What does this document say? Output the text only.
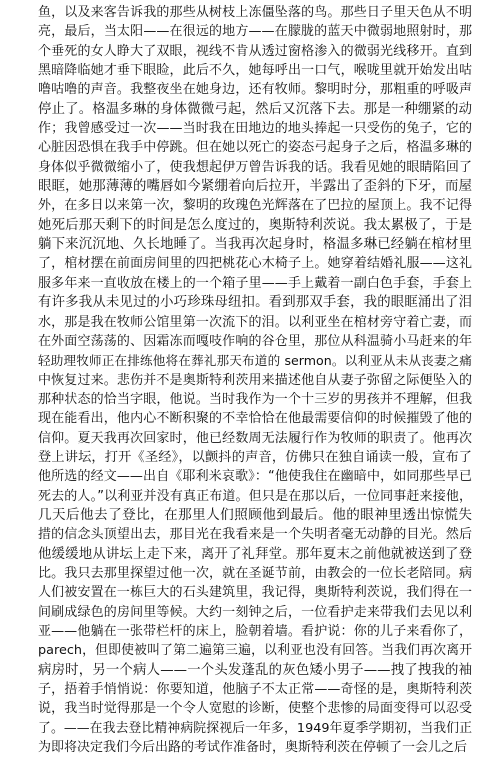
鱼，以及来客告诉我的那些从树枝上冻僵坠落的鸟。那些日子里天色从不明
亮，最后，当太阳——在很远的地方——在朦胧的蓝天中微弱地照射时，那
个垂死的女人睁大了双眼，视线不肯从透过窗格渗入的微弱光线移开。直到
黑暗降临她才垂下眼睑，此后不久，她每呼出一口气，喉咙里就开始发出咕
噜咕噜的声音。我整夜坐在她身边，还有牧师。黎明时分，那粗重的呼吸声
停止了。格温多琳的身体微微弓起，然后又沉落下去。那是一种绷紧的动
作；我曾感受过一次——当时我在田地边的地头捧起一只受伤的兔子，它的
心脏因恐惧在我手中停跳。但在她以死亡的姿态弓起身子之后，格温多琳的
身体似乎微微缩小了，使我想起伊万曾告诉我的话。我看见她的眼睛陷回了
眼眶，她那薄薄的嘴唇如今紧绷着向后拉开，半露出了歪斜的下牙，而屋
外，在多日以来第一次，黎明的玫瑰色光辉落在了巴拉的屋顶上。我不记得
她死后那天剩下的时间是怎么度过的，奥斯特利茨说。我太累极了，于是
躺下来沉沉地、久长地睡了。当我再次起身时，格温多琳已经躺在棺材里
了，棺材摆在前面房间里的四把桃花心木椅子上。她穿着结婚礼服——这礼
服多年来一直收放在楼上的一个箱子里——手上戴着一副白色手套，手套上
有许多我从未见过的小巧珍珠母纽扣。看到那双手套，我的眼眶涌出了泪
水，那是我在牧师公馆里第一次流下的泪。以利亚坐在棺材旁守着亡妻，而
在外面空荡荡的、因霜冻而嘎吱作响的谷仓里，那位从科温骑小马赶来的年
轻助理牧师正在排练他将在葬礼那天布道的 sermon。以利亚从未从丧妻之痛
中恢复过来。悲伤并不是奥斯特利茨用来描述他自从妻子弥留之际便坠入的
那种状态的恰当字眼，他说。当时我作为一个十三岁的男孩并不理解，但我
现在能看出，他内心不断积聚的不幸恰恰在他最需要信仰的时候摧毁了他的
信仰。夏天我再次回家时，他已经数周无法履行作为牧师的职责了。他再次
登上讲坛，打开《圣经》，以颤抖的声音，仿佛只在独自诵读一般，宣布了
他所选的经文——出自《耶利米哀歌》：“他使我住在幽暗中，如同那些早已
死去的人。”以利亚并没有真正布道。但只是在那以后，一位同事赶来接他，
几天后他去了登比，在那里人们照顾他到最后。他的眼神里透出惊慌失
措的信念头顶望出去，那目光在我看来是一个失明者毫无动静的目光。然后
他缓缓地从讲坛上走下来，离开了礼拜堂。那年夏末之前他就被送到了登
比。我只去那里探望过他一次，就在圣诞节前，由教会的一位长老陪同。病
人们被安置在一栋巨大的石头建筑里，我记得，奥斯特利茨说，我们得在一
间刷成绿色的房间里等候。大约一刻钟之后，一位看护走来带我们去见以利
亚——他躺在一张带栏杆的床上，脸朝着墙。看护说：你的儿子来看你了，
parech，但即使被叫了第二遍第三遍，以利亚也没有回答。当我们再次离开
病房时，另一个病人——一个头发蓬乱的灰色矮小男子——拽了拽我的袖
子，捂着手悄悄说：你要知道，他脑子不太正常——奇怪的是，奥斯特利茨
说，我当时觉得那是一个令人宽慰的诊断，使整个悲惨的局面变得可以忍受
了。——在我去登比精神病院探视后一年多，1949年夏季学期初，当我们正
为即将决定我们今后出路的考试作准备时，奥斯特利茨在停顿了一会儿之后
